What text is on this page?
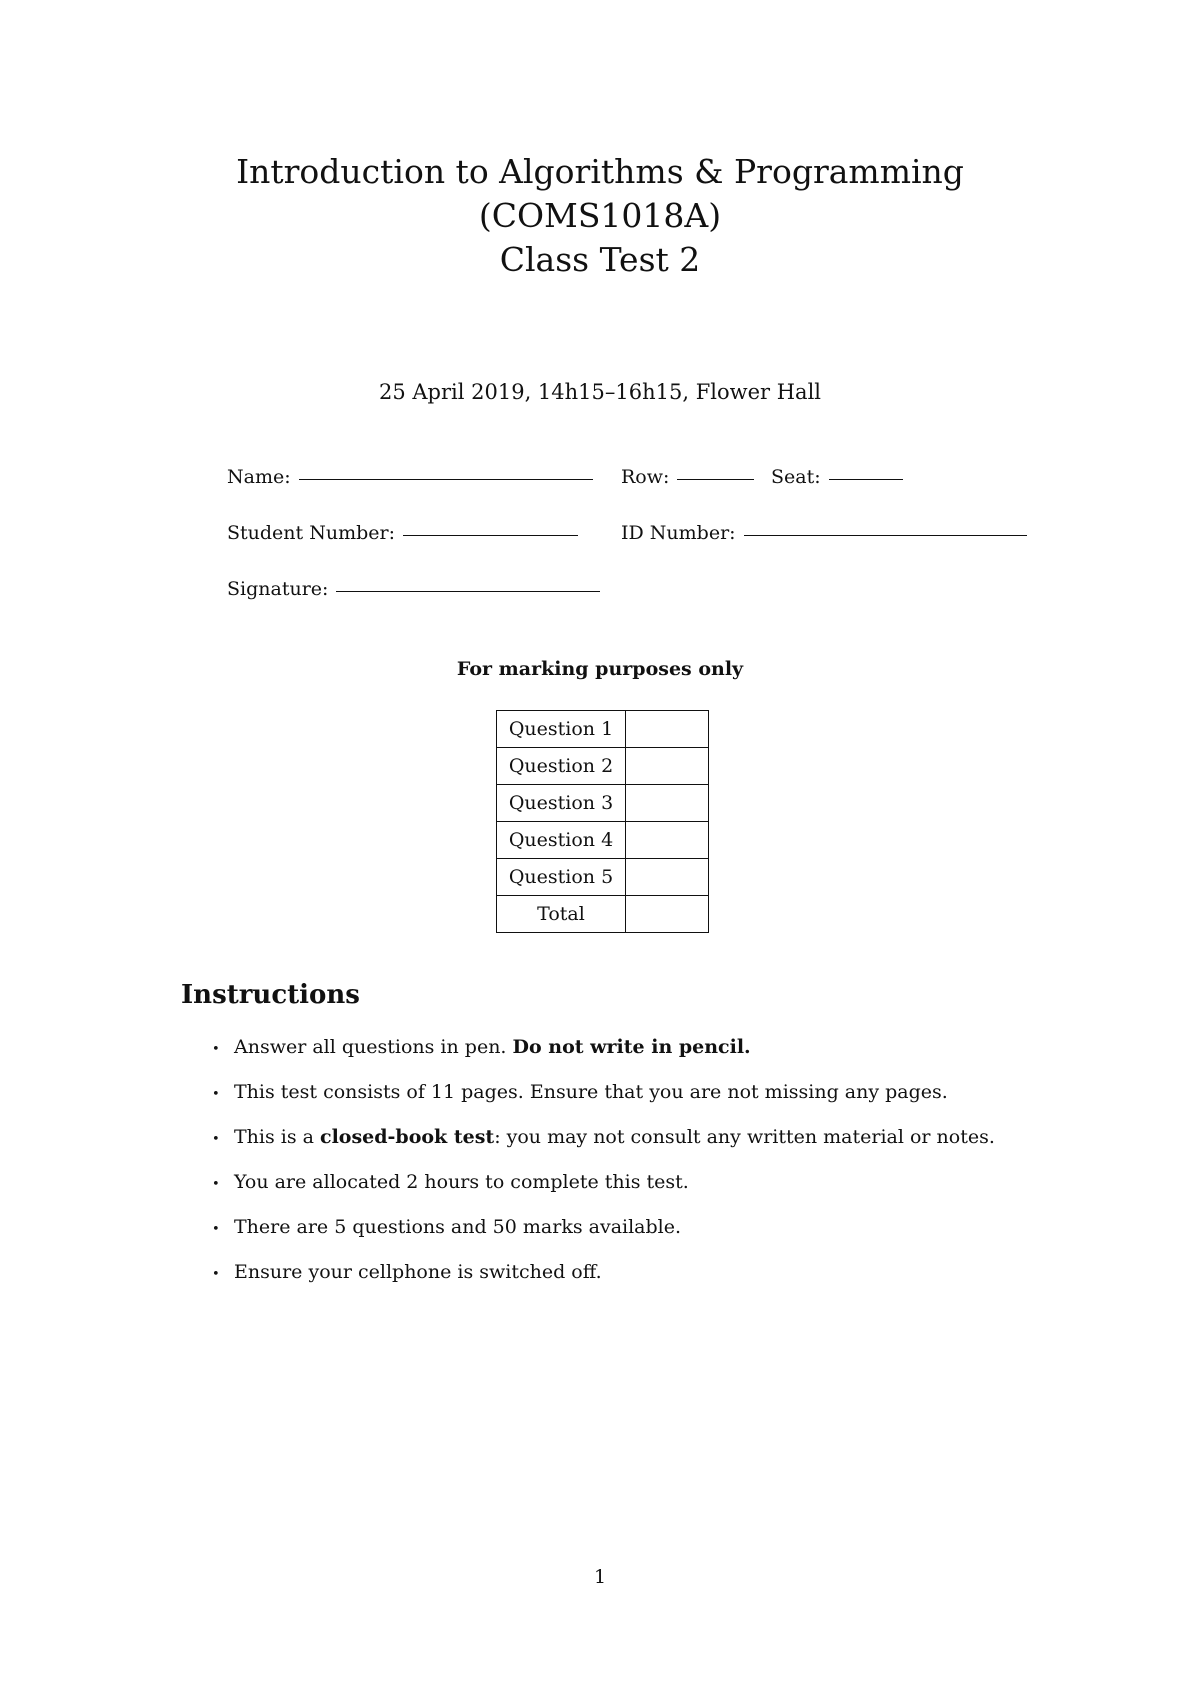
Introduction to Algorithms & Programming
(COMS1018A)
Class Test 2
25 April 2019, 14h15–16h15, Flower Hall
Name:	Row:	Seat:
Student Number:	ID Number:
Signature:
For marking purposes only
Question 1	
Question 2	
Question 3	
Question 4	
Question 5	
Total	
Instructions
• Answer all questions in pen. Do not write in pencil.
• This test consists of 11 pages. Ensure that you are not missing any pages.
• This is a closed-book test: you may not consult any written material or notes.
• You are allocated 2 hours to complete this test.
• There are 5 questions and 50 marks available.
• Ensure your cellphone is switched off.
1
